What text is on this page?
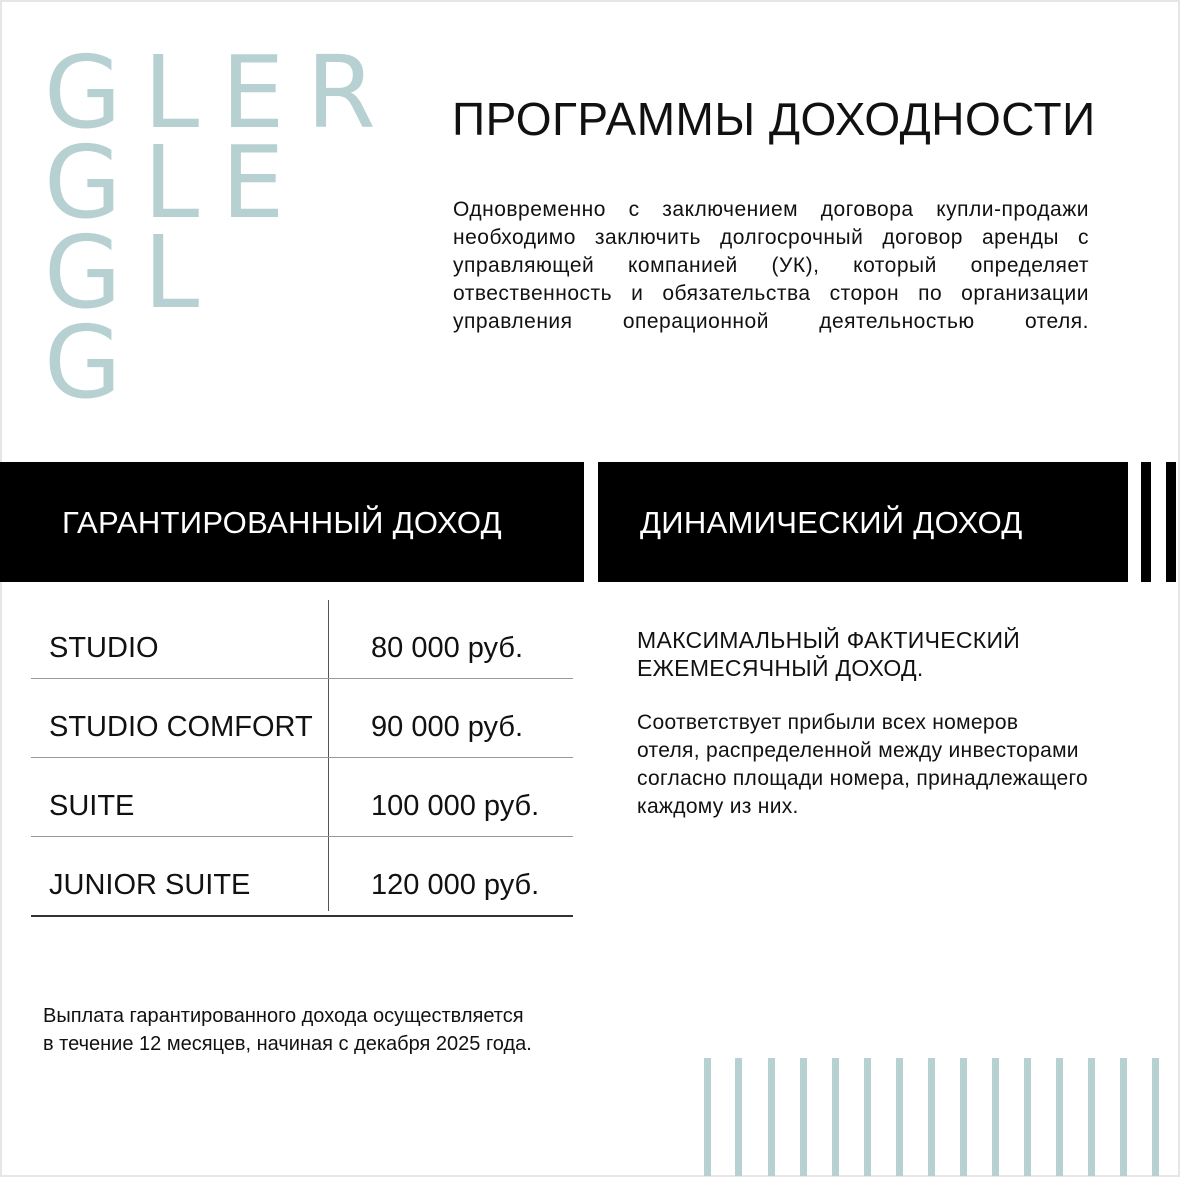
GLER
GLE
GL
G
ПРОГРАММЫ ДОХОДНОСТИ

Одновременно с заключением договора купли-продажи необходимо заключить долгосрочный договор аренды с управляющей компанией (УК), который определяет отвественность и обязательства сторон по организации управления операционной деятельностью отеля.

ГАРАНТИРОВАННЫЙ ДОХОД	ДИНАМИЧЕСКИЙ ДОХОД
STUDIO	80 000 руб.
STUDIO COMFORT 90 000 руб.
SUITE	100 000 руб.
JUNIOR SUITE	120 000 руб.

МАКСИМАЛЬНЫЙ ФАКТИЧЕСКИЙ
ЕЖЕМЕСЯЧНЫЙ ДОХОД.

Соответствует прибыли всех номеров
отеля, распределенной между инвесторами
согласно площади номера, принадлежащего
каждому из них.

Выплата гарантированного дохода осуществляется
в течение 12 месяцев, начиная с декабря 2025 года.
